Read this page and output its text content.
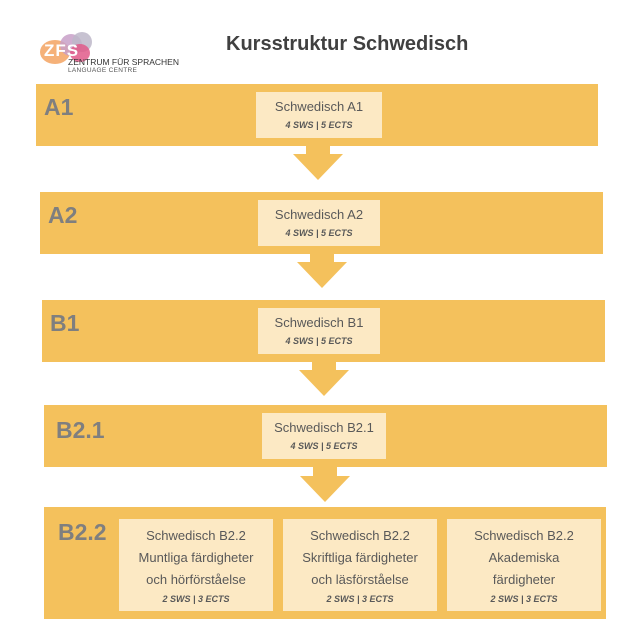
ZFS
ZENTRUM FÜR SPRACHEN
LANGUAGE CENTRE
Kursstruktur Schwedisch
A1	Schwedisch A1
4 SWS | 5 ECTS
A2	Schwedisch A2
4 SWS | 5 ECTS
B1	Schwedisch B1
4 SWS | 5 ECTS
B2.1	Schwedisch B2.1
4 SWS | 5 ECTS
B2.2	Schwedisch B2.2
Muntliga färdigheter
och hörförståelse
2 SWS | 3 ECTS
Schwedisch B2.2
Skriftliga färdigheter
och läsförståelse
2 SWS | 3 ECTS
Schwedisch B2.2
Akademiska
färdigheter
2 SWS | 3 ECTS
